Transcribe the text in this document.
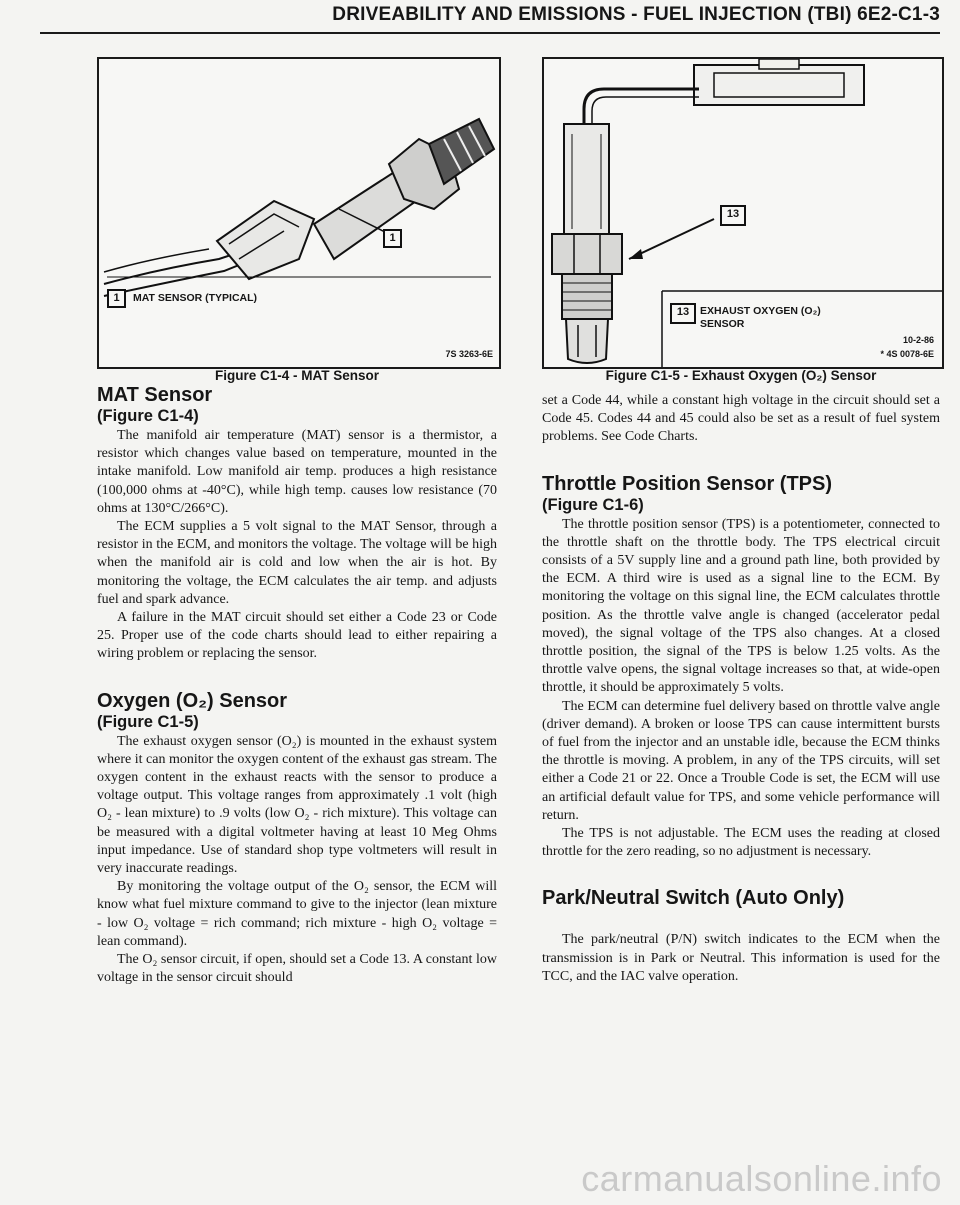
DRIVEABILITY AND EMISSIONS - FUEL INJECTION (TBI) 6E2-C1-3
1
1	MAT SENSOR (TYPICAL)
7S 3263-6E
Figure C1-4 - MAT Sensor
13
13	EXHAUST OXYGEN (O₂)
SENSOR
10-2-86
* 4S 0078-6E
Figure C1-5 - Exhaust Oxygen (O₂) Sensor
MAT Sensor
(Figure C1-4)

The manifold air temperature (MAT) sensor is a thermistor, a resistor which changes value based on temperature, mounted in the intake manifold. Low manifold air temp. produces a high resistance (100,000 ohms at -40°C), while high temp. causes low resistance (70 ohms at 130°C/266°C).

The ECM supplies a 5 volt signal to the MAT Sensor, through a resistor in the ECM, and monitors the voltage. The voltage will be high when the manifold air is cold and low when the air is hot. By monitoring the voltage, the ECM calculates the air temp. and adjusts fuel and spark advance.

A failure in the MAT circuit should set either a Code 23 or Code 25. Proper use of the code charts should lead to either repairing a wiring problem or replacing the sensor.

Oxygen (O₂) Sensor
(Figure C1-5)

The exhaust oxygen sensor (O₂) is mounted in the exhaust system where it can monitor the oxygen content of the exhaust gas stream. The oxygen content in the exhaust reacts with the sensor to produce a voltage output. This voltage ranges from approximately .1 volt (high O₂ - lean mixture) to .9 volts (low O₂ - rich mixture). This voltage can be measured with a digital voltmeter having at least 10 Meg Ohms input impedance. Use of standard shop type voltmeters will result in very inaccurate readings.

By monitoring the voltage output of the O₂ sensor, the ECM will know what fuel mixture command to give to the injector (lean mixture - low O₂ voltage = rich command; rich mixture - high O₂ voltage = lean command).

The O₂ sensor circuit, if open, should set a Code 13. A constant low voltage in the sensor circuit should

set a Code 44, while a constant high voltage in the circuit should set a Code 45. Codes 44 and 45 could also be set as a result of fuel system problems. See Code Charts.

Throttle Position Sensor (TPS)
(Figure C1-6)

The throttle position sensor (TPS) is a potentiometer, connected to the throttle shaft on the throttle body. The TPS electrical circuit consists of a 5V supply line and a ground path line, both provided by the ECM. A third wire is used as a signal line to the ECM. By monitoring the voltage on this signal line, the ECM calculates throttle position. As the throttle valve angle is changed (accelerator pedal moved), the signal voltage of the TPS also changes. At a closed throttle position, the signal of the TPS is below 1.25 volts. As the throttle valve opens, the signal voltage increases so that, at wide-open throttle, it should be approximately 5 volts.

The ECM can determine fuel delivery based on throttle valve angle (driver demand). A broken or loose TPS can cause intermittent bursts of fuel from the injector and an unstable idle, because the ECM thinks the throttle is moving. A problem, in any of the TPS circuits, will set either a Code 21 or 22. Once a Trouble Code is set, the ECM will use an artificial default value for TPS, and some vehicle performance will return.

The TPS is not adjustable. The ECM uses the reading at closed throttle for the zero reading, so no adjustment is necessary.

Park/Neutral Switch (Auto Only)

The park/neutral (P/N) switch indicates to the ECM when the transmission is in Park or Neutral. This information is used for the TCC, and the IAC valve operation.

carmanualsonline.info
